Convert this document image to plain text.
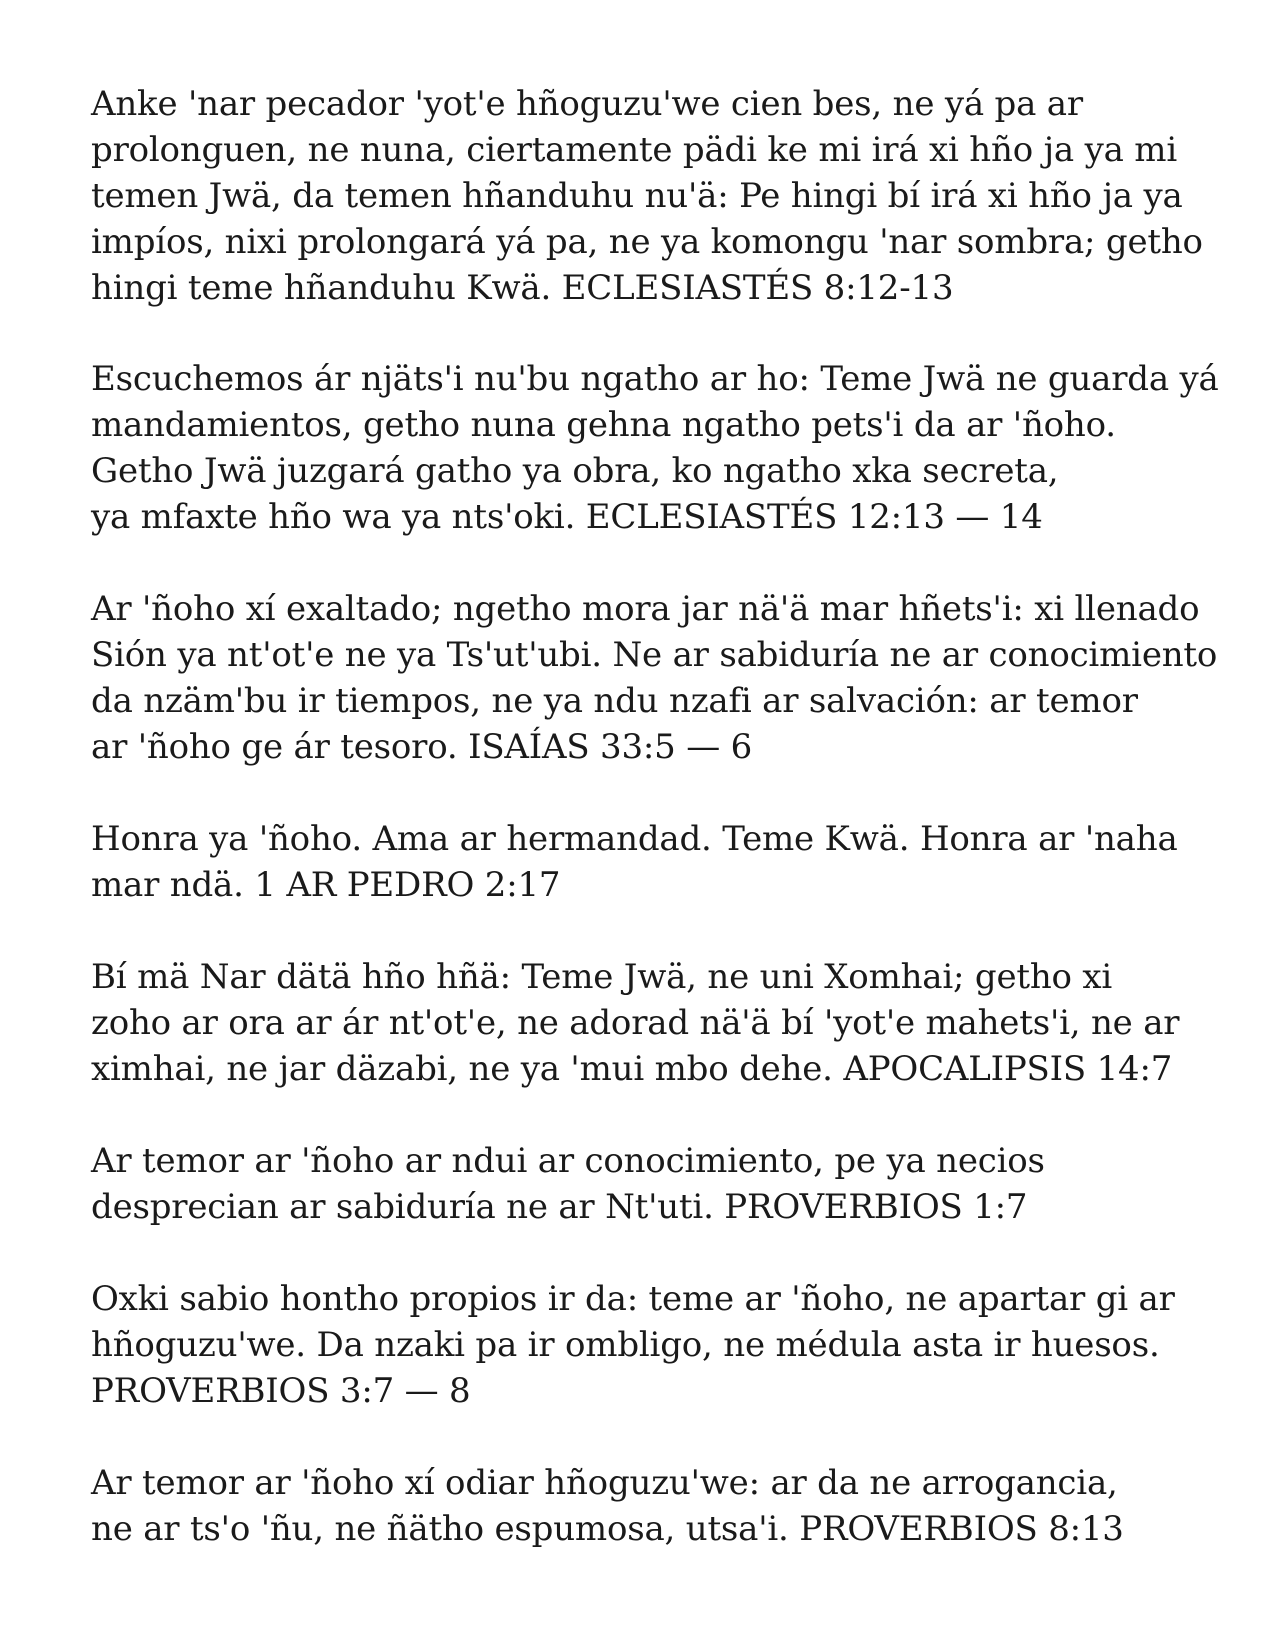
Anke 'nar pecador 'yot'e hñoguzu'we cien bes, ne yá pa ar
prolonguen, ne nuna, ciertamente pädi ke mi irá xi hño ja ya mi
temen Jwä, da temen hñanduhu nu'ä: Pe hingi bí irá xi hño ja ya
impíos, nixi prolongará yá pa, ne ya komongu 'nar sombra; getho
hingi teme hñanduhu Kwä. ECLESIASTÉS 8:12-13

Escuchemos ár njäts'i nu'bu ngatho ar ho: Teme Jwä ne guarda yá
mandamientos, getho nuna gehna ngatho pets'i da ar 'ñoho.
Getho Jwä juzgará gatho ya obra, ko ngatho xka secreta,
ya mfaxte hño wa ya nts'oki. ECLESIASTÉS 12:13 — 14

Ar 'ñoho xí exaltado; ngetho mora jar nä'ä mar hñets'i: xi llenado
Sión ya nt'ot'e ne ya Ts'ut'ubi. Ne ar sabiduría ne ar conocimiento
da nzäm'bu ir tiempos, ne ya ndu nzafi ar salvación: ar temor
ar 'ñoho ge ár tesoro. ISAÍAS 33:5 — 6

Honra ya 'ñoho. Ama ar hermandad. Teme Kwä. Honra ar 'naha
mar ndä. 1 AR PEDRO 2:17

Bí mä Nar dätä hño hñä: Teme Jwä, ne uni Xomhai; getho xi
zoho ar ora ar ár nt'ot'e, ne adorad nä'ä bí 'yot'e mahets'i, ne ar
ximhai, ne jar däzabi, ne ya 'mui mbo dehe. APOCALIPSIS 14:7

Ar temor ar 'ñoho ar ndui ar conocimiento, pe ya necios
desprecian ar sabiduría ne ar Nt'uti. PROVERBIOS 1:7

Oxki sabio hontho propios ir da: teme ar 'ñoho, ne apartar gi ar
hñoguzu'we. Da nzaki pa ir ombligo, ne médula asta ir huesos.
PROVERBIOS 3:7 — 8

Ar temor ar 'ñoho xí odiar hñoguzu'we: ar da ne arrogancia,
ne ar ts'o 'ñu, ne ñätho espumosa, utsa'i. PROVERBIOS 8:13
